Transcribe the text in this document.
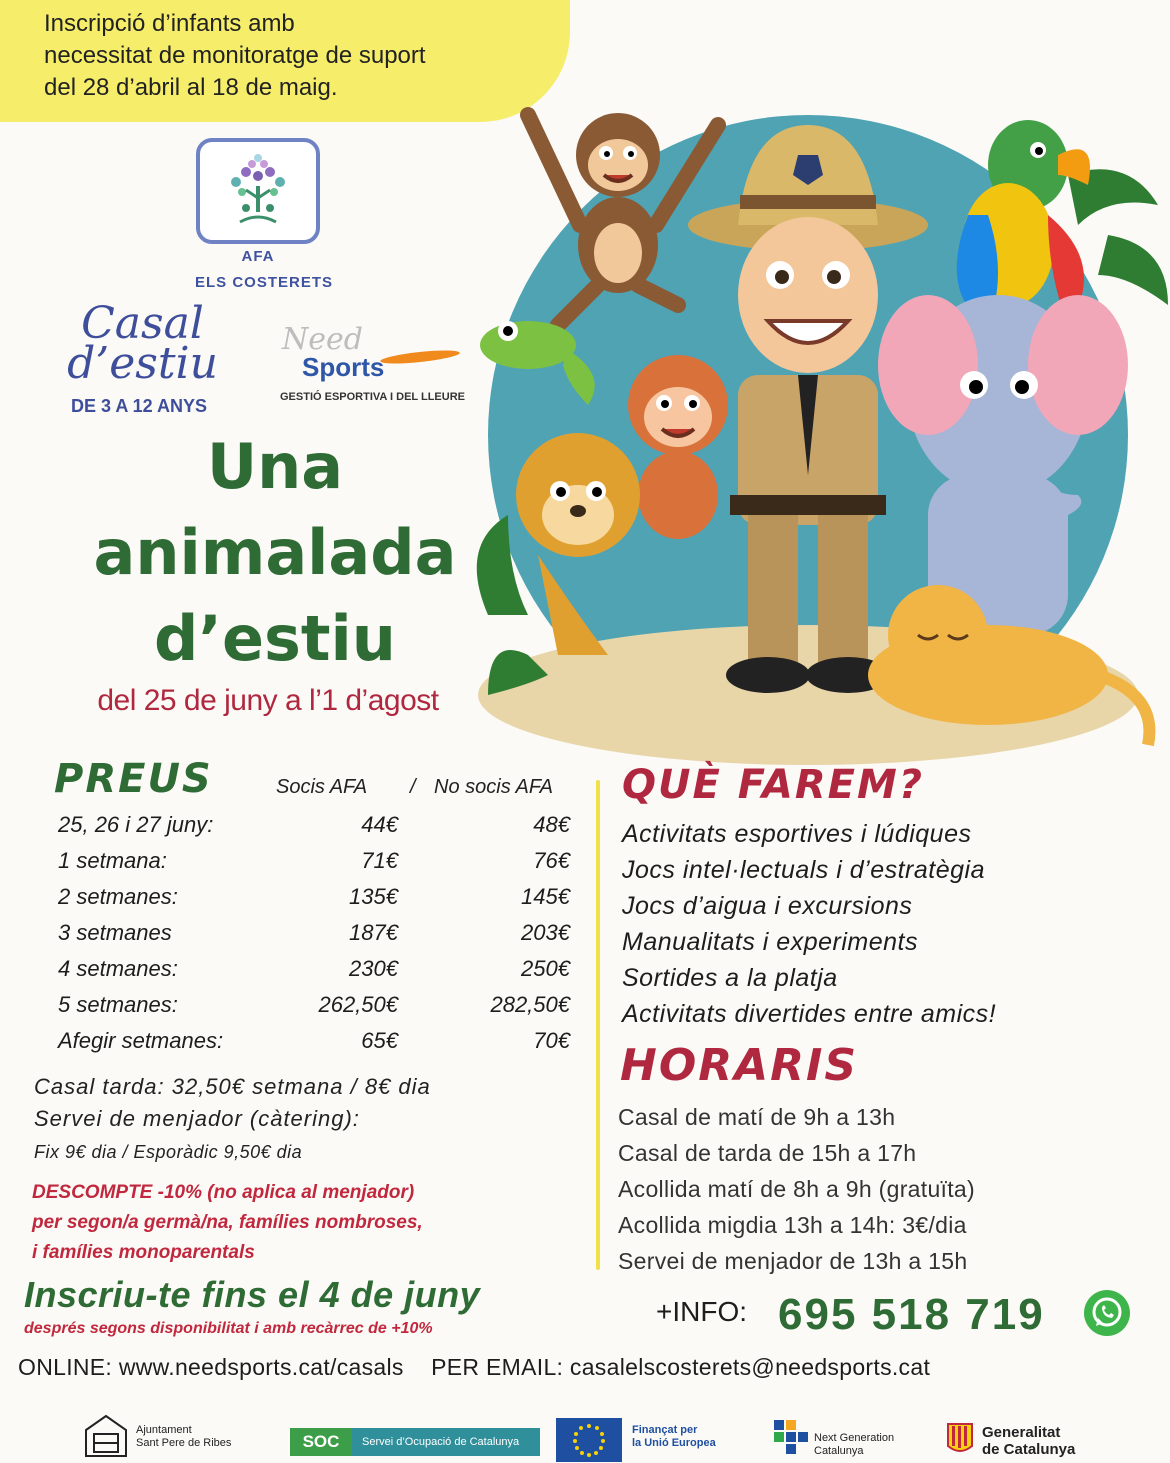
Inscripció d’infants amb
necessitat de monitoratge de suport
del 28 d’abril al 18 de maig.
AFA
ELS COSTERETS
Casal
d’estiu
DE 3 A 12 ANYS
Need
Sports
GESTIÓ ESPORTIVA I DEL LLEURE
Una
animalada
d’estiu
del 25 de juny a l’1 d’agost
PREUS	Socis AFA / No socis AFA
25, 26 i 27 juny:	44€	48€
1 setmana:	71€	76€
2 setmanes:	135€	145€
3 setmanes	187€	203€
4 setmanes:	230€	250€
5 setmanes:	262,50€	282,50€
Afegir setmanes:	65€	70€
Casal tarda: 32,50€ setmana / 8€ dia
Servei de menjador (càtering):
Fix 9€ dia / Esporàdic 9,50€ dia
DESCOMPTE -10% (no aplica al menjador)
per segon/a germà/na, famílies nombroses,
i famílies monoparentals
Inscriu-te fins el 4 de juny
després segons disponibilitat i amb recàrrec de +10%
QUÈ FAREM?
Activitats esportives i lúdiques
Jocs intel·lectuals i d’estratègia
Jocs d’aigua i excursions
Manualitats i experiments
Sortides a la platja
Activitats divertides entre amics!
HORARIS
Casal de matí de 9h a 13h
Casal de tarda de 15h a 17h
Acollida matí de 8h a 9h (gratuïta)
Acollida migdia 13h a 14h: 3€/dia
Servei de menjador de 13h a 15h
+INFO: 695 518 719
ONLINE: www.needsports.cat/casals PER EMAIL: casalelscosterets@needsports.cat
Ajuntament
Sant Pere de Ribes	SOC	Servei d’Ocupació de Catalunya
Finançat per
la Unió Europea	Next Generation
Catalunya
Generalitat
de Catalunya
